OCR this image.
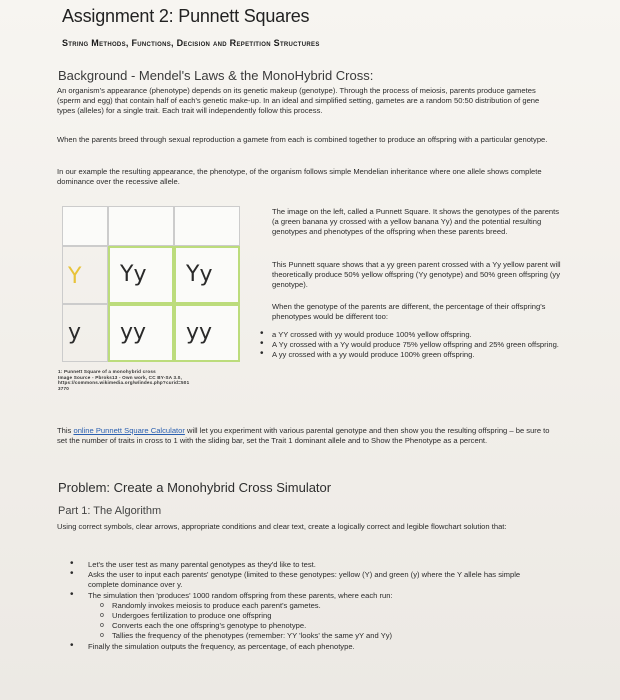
Assignment 2: Punnett Squares
String Methods, Functions, Decision and Repetition Structures
Background - Mendel's Laws & the MonoHybrid Cross:
An organism's appearance (phenotype) depends on its genetic makeup (genotype). Through the process of meiosis, parents produce gametes (sperm and egg) that contain half of each's genetic make-up. In an ideal and simplified setting, gametes are a random 50:50 distribution of gene types (alleles) for a single trait. Each trait will independently follow this process.
When the parents breed through sexual reproduction a gamete from each is combined together to produce an offspring with a particular genotype.
In our example the resulting appearance, the phenotype, of the organism follows simple Mendelian inheritance where one allele shows complete dominance over the recessive allele.
Y
y
Yy Yy
yy yy
1: Punnett Square of a monohybrid cross
Image Source - Pbroks13 - Own work, CC BY-SA 3.0,
https://commons.wikimedia.org/w/index.php?curid=501
3770
The image on the left, called a Punnett Square. It shows the genotypes of the parents (a green banana yy crossed with a yellow banana Yy) and the potential resulting genotypes and phenotypes of the offspring when these parents breed.
This Punnett square shows that a yy green parent crossed with a Yy yellow parent will theoretically produce 50% yellow offspring (Yy genotype) and 50% green offspring (yy genotype).
When the genotype of the parents are different, the percentage of their offspring's phenotypes would be different too:
• a YY crossed with yy would produce 100% yellow offspring.
• A Yy crossed with a Yy would produce 75% yellow offspring and 25% green offspring.
• A yy crossed with a yy would produce 100% green offspring.
This online Punnett Square Calculator will let you experiment with various parental genotype and then show you the resulting offspring – be sure to set the number of traits in cross to 1 with the sliding bar, set the Trait 1 dominant allele and to Show the Phenotype as a percent.
Problem: Create a Monohybrid Cross Simulator
Part 1: The Algorithm
Using correct symbols, clear arrows, appropriate conditions and clear text, create a logically correct and legible flowchart solution that:
• Let's the user test as many parental genotypes as they'd like to test.
• Asks the user to input each parents' genotype (limited to these genotypes: yellow (Y) and green (y) where the Y allele has simple complete dominance over y.
• The simulation then 'produces' 1000 random offspring from these parents, where each run:
o Randomly invokes meiosis to produce each parent's gametes.
o Undergoes fertilization to produce one offspring
o Converts each the one offspring's genotype to phenotype.
o Tallies the frequency of the phenotypes (remember: YY 'looks' the same yY and Yy)
• Finally the simulation outputs the frequency, as percentage, of each phenotype.
